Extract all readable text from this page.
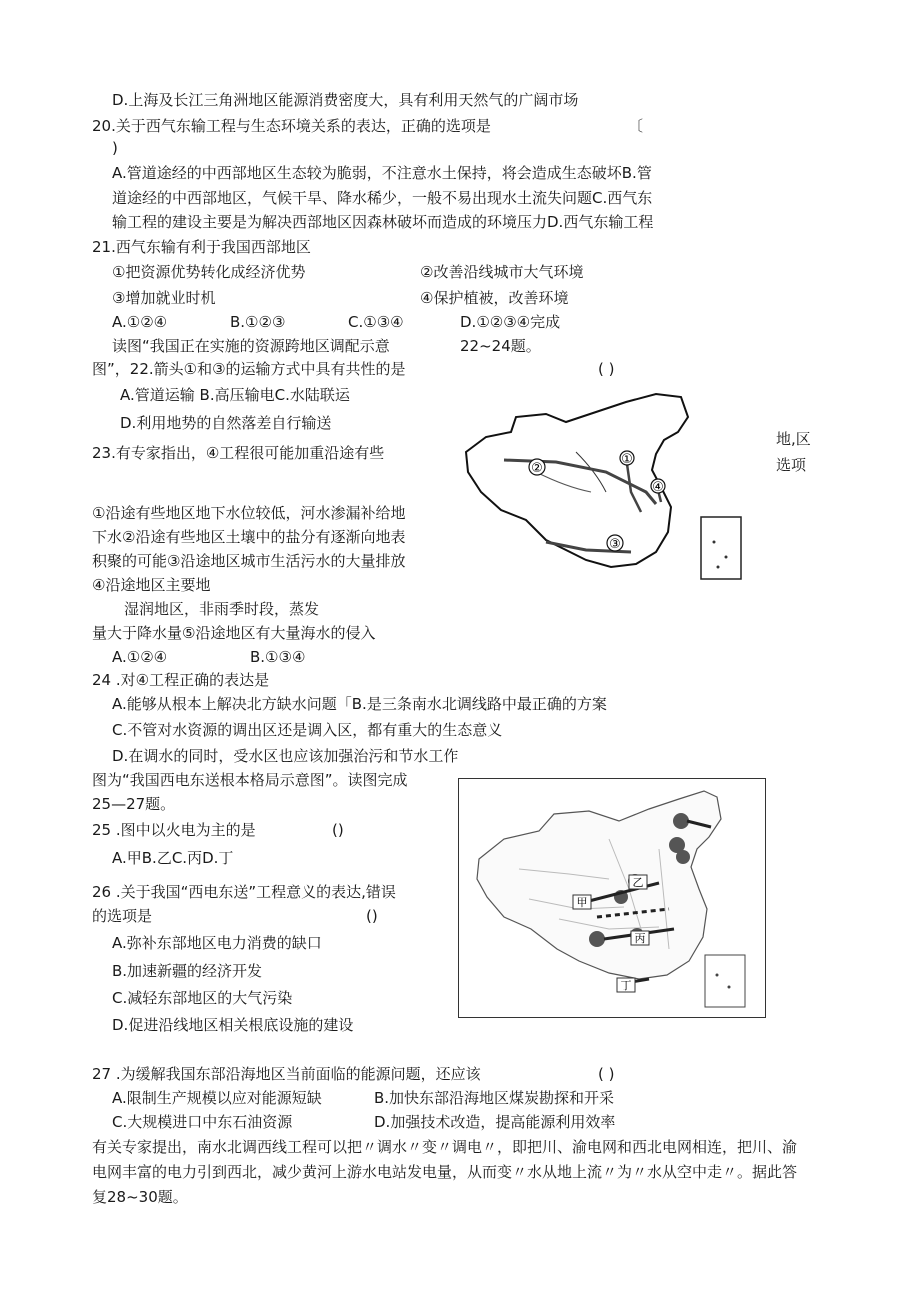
D.上海及长江三角洲地区能源消费密度大，具有利用天然气的广阔市场
20.关于西气东输工程与生态环境关系的表达，正确的选项是	〔
)
A.管道途经的中西部地区生态较为脆弱，不注意水土保持，将会造成生态破坏B.管
道途经的中西部地区，气候干旱、降水稀少，一般不易出现水土流失问题C.西气东
输工程的建设主要是为解决西部地区因森林破坏而造成的环境压力D.西气东输工程
21.西气东输有利于我国西部地区
①把资源优势转化成经济优势	②改善沿线城市大气环境
③增加就业时机	④保护植被，改善环境
A.①②④	B.①②③	C.①③④	D.①②③④完成
读图“我国正在实施的资源跨地区调配示意	22~24题。
图”，22.箭头①和③的运输方式中具有共性的是	( )
A.管道运输 B.高压输电C.水陆联运
D.利用地势的自然落差自行输送
23.有专家指出，④工程很可能加重沿途有些
地,区
选项
①沿途有些地区地下水位较低，河水渗漏补给地
下水②沿途有些地区土壤中的盐分有逐渐向地表
积聚的可能③沿途地区城市生活污水的大量排放
④沿途地区主要地
湿润地区，非雨季时段，蒸发
量大于降水量⑤沿途地区有大量海水的侵入
A.①②④	B.①③④
24 .对④工程正确的表达是
A.能够从根本上解决北方缺水问题「B.是三条南水北调线路中最正确的方案
C.不管对水资源的调出区还是调入区，都有重大的生态意义
D.在调水的同时，受水区也应该加强治污和节水工作
图为“我国西电东送根本格局示意图”。读图完成
25—27题。
25 .图中以火电为主的是	()
A.甲B.乙C.丙D.丁
26 .关于我国“西电东送”工程意义的表达,错误
的选项是	()
A.弥补东部地区电力消费的缺口
B.加速新疆的经济开发
C.减轻东部地区的大气污染
D.促进沿线地区相关根底设施的建设
27 .为缓解我国东部沿海地区当前面临的能源问题，还应该	( )
A.限制生产规模以应对能源短缺	B.加快东部沿海地区煤炭勘探和开采
C.大规模进口中东石油资源	D.加强技术改造，提高能源利用效率
有关专家提出，南水北调西线工程可以把〃调水〃变〃调电〃，即把川、渝电网和西北电网相连，把川、渝
电网丰富的电力引到西北，减少黄河上游水电站发电量，从而变〃水从地上流〃为〃水从空中走〃。据此答
复28~30题。
①
②
③
④
甲
乙
丙
丁
